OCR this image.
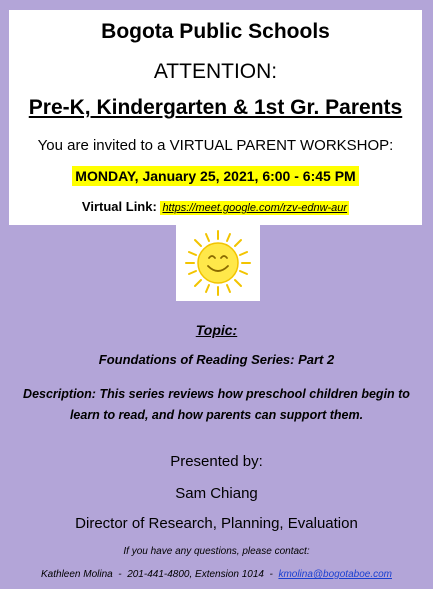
Bogota Public Schools
ATTENTION:
Pre-K, Kindergarten & 1st Gr. Parents
You are invited to a VIRTUAL PARENT WORKSHOP:
MONDAY, January 25, 2021, 6:00 - 6:45 PM
Virtual Link: https://meet.google.com/rzv-ednw-aur
Topic:
Foundations of Reading Series: Part 2
Description: This series reviews how preschool children begin to learn to read, and how parents can support them.
Presented by:
Sam Chiang
Director of Research, Planning, Evaluation
If you have any questions, please contact:
Kathleen Molina - 201-441-4800, Extension 1014 - kmolina@bogotaboe.com
